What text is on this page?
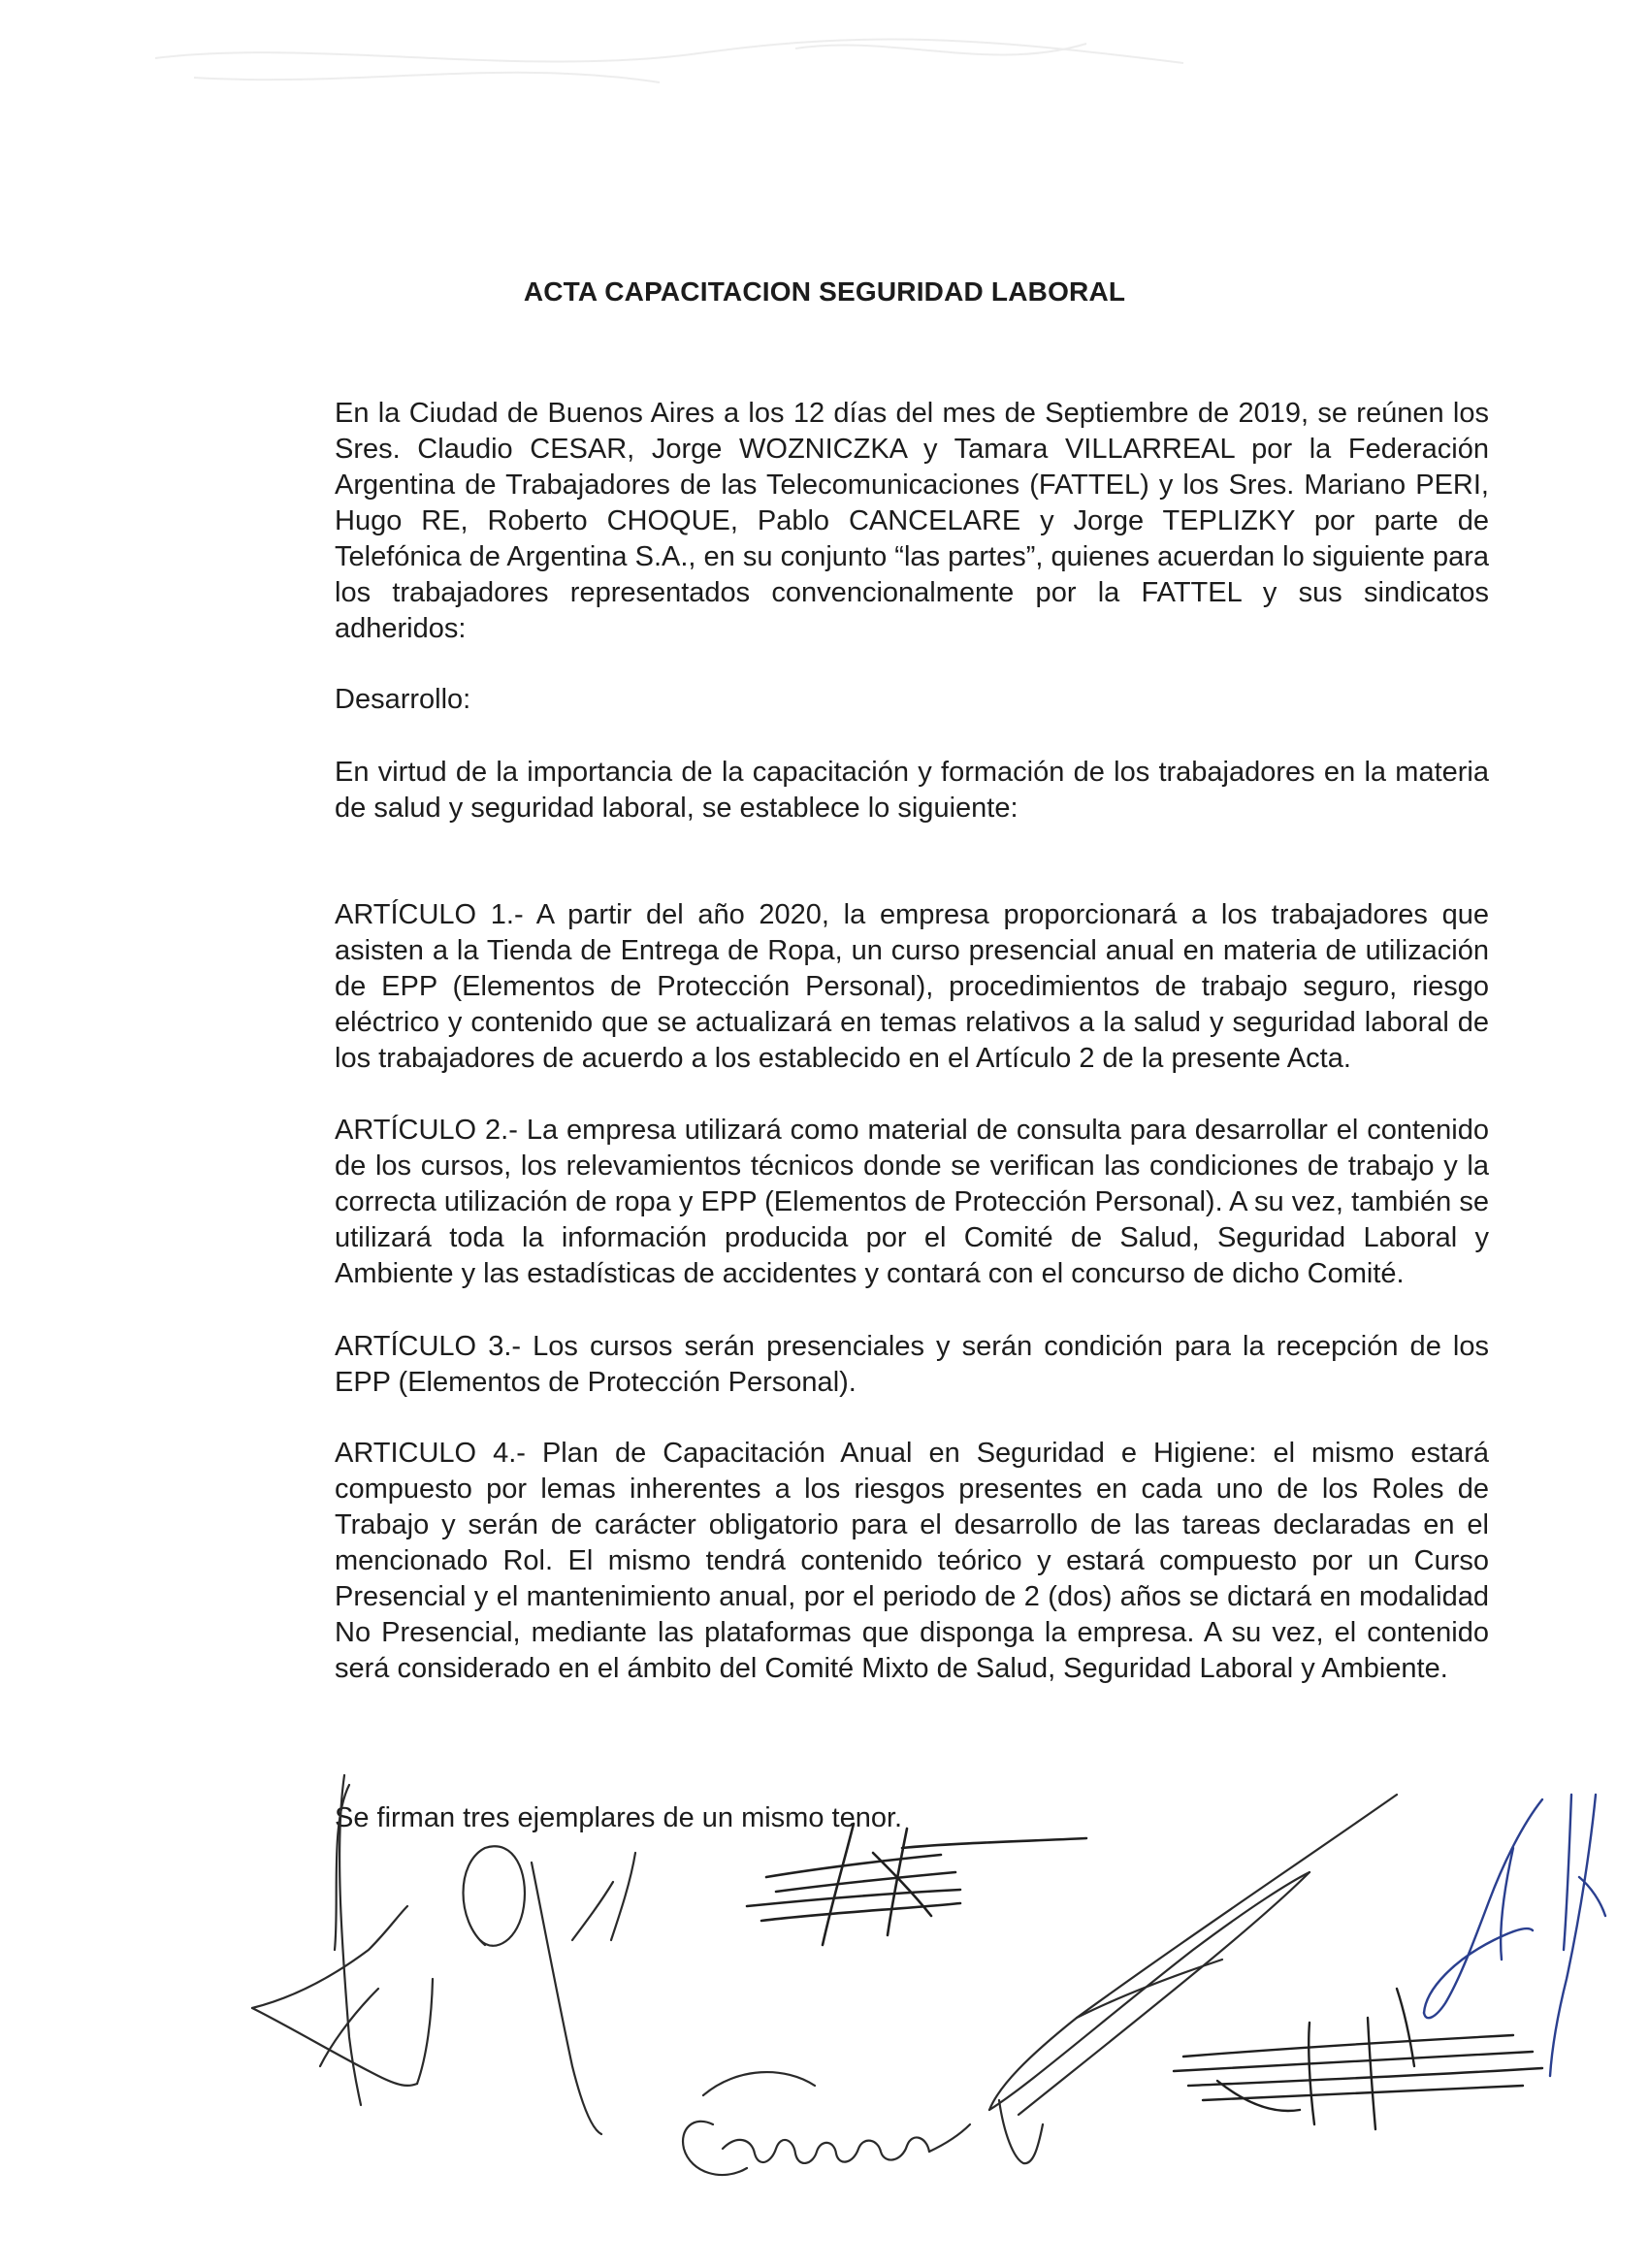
ACTA CAPACITACION SEGURIDAD LABORAL
En la Ciudad de Buenos Aires a los 12 días del mes de Septiembre de 2019, se reúnen los Sres. Claudio CESAR, Jorge WOZNICZKA y Tamara VILLARREAL por la Federación Argentina de Trabajadores de las Telecomunicaciones (FATTEL) y los Sres. Mariano PERI, Hugo RE, Roberto CHOQUE, Pablo CANCELARE y Jorge TEPLIZKY por parte de Telefónica de Argentina S.A., en su conjunto “las partes”, quienes acuerdan lo siguiente para los trabajadores representados convencionalmente por la FATTEL y sus sindicatos adheridos:
Desarrollo:
En virtud de la importancia de la capacitación y formación de los trabajadores en la materia de salud y seguridad laboral, se establece lo siguiente:
ARTÍCULO 1.- A partir del año 2020, la empresa proporcionará a los trabajadores que asisten a la Tienda de Entrega de Ropa, un curso presencial anual en materia de utilización de EPP (Elementos de Protección Personal), procedimientos de trabajo seguro, riesgo eléctrico y contenido que se actualizará en temas relativos a la salud y seguridad laboral de los trabajadores de acuerdo a los establecido en el Artículo 2 de la presente Acta.
ARTÍCULO 2.- La empresa utilizará como material de consulta para desarrollar el contenido de los cursos, los relevamientos técnicos donde se verifican las condiciones de trabajo y la correcta utilización de ropa y EPP (Elementos de Protección Personal). A su vez, también se utilizará toda la información producida por el Comité de Salud, Seguridad Laboral y Ambiente y las estadísticas de accidentes y contará con el concurso de dicho Comité.
ARTÍCULO 3.- Los cursos serán presenciales y serán condición para la recepción de los EPP (Elementos de Protección Personal).
ARTICULO 4.- Plan de Capacitación Anual en Seguridad e Higiene: el mismo estará compuesto por lemas inherentes a los riesgos presentes en cada uno de los Roles de Trabajo y serán de carácter obligatorio para el desarrollo de las tareas declaradas en el mencionado Rol. El mismo tendrá contenido teórico y estará compuesto por un Curso Presencial y el mantenimiento anual, por el periodo de 2 (dos) años se dictará en modalidad No Presencial, mediante las plataformas que disponga la empresa. A su vez, el contenido será considerado en el ámbito del Comité Mixto de Salud, Seguridad Laboral y Ambiente.
Se firman tres ejemplares de un mismo tenor.
